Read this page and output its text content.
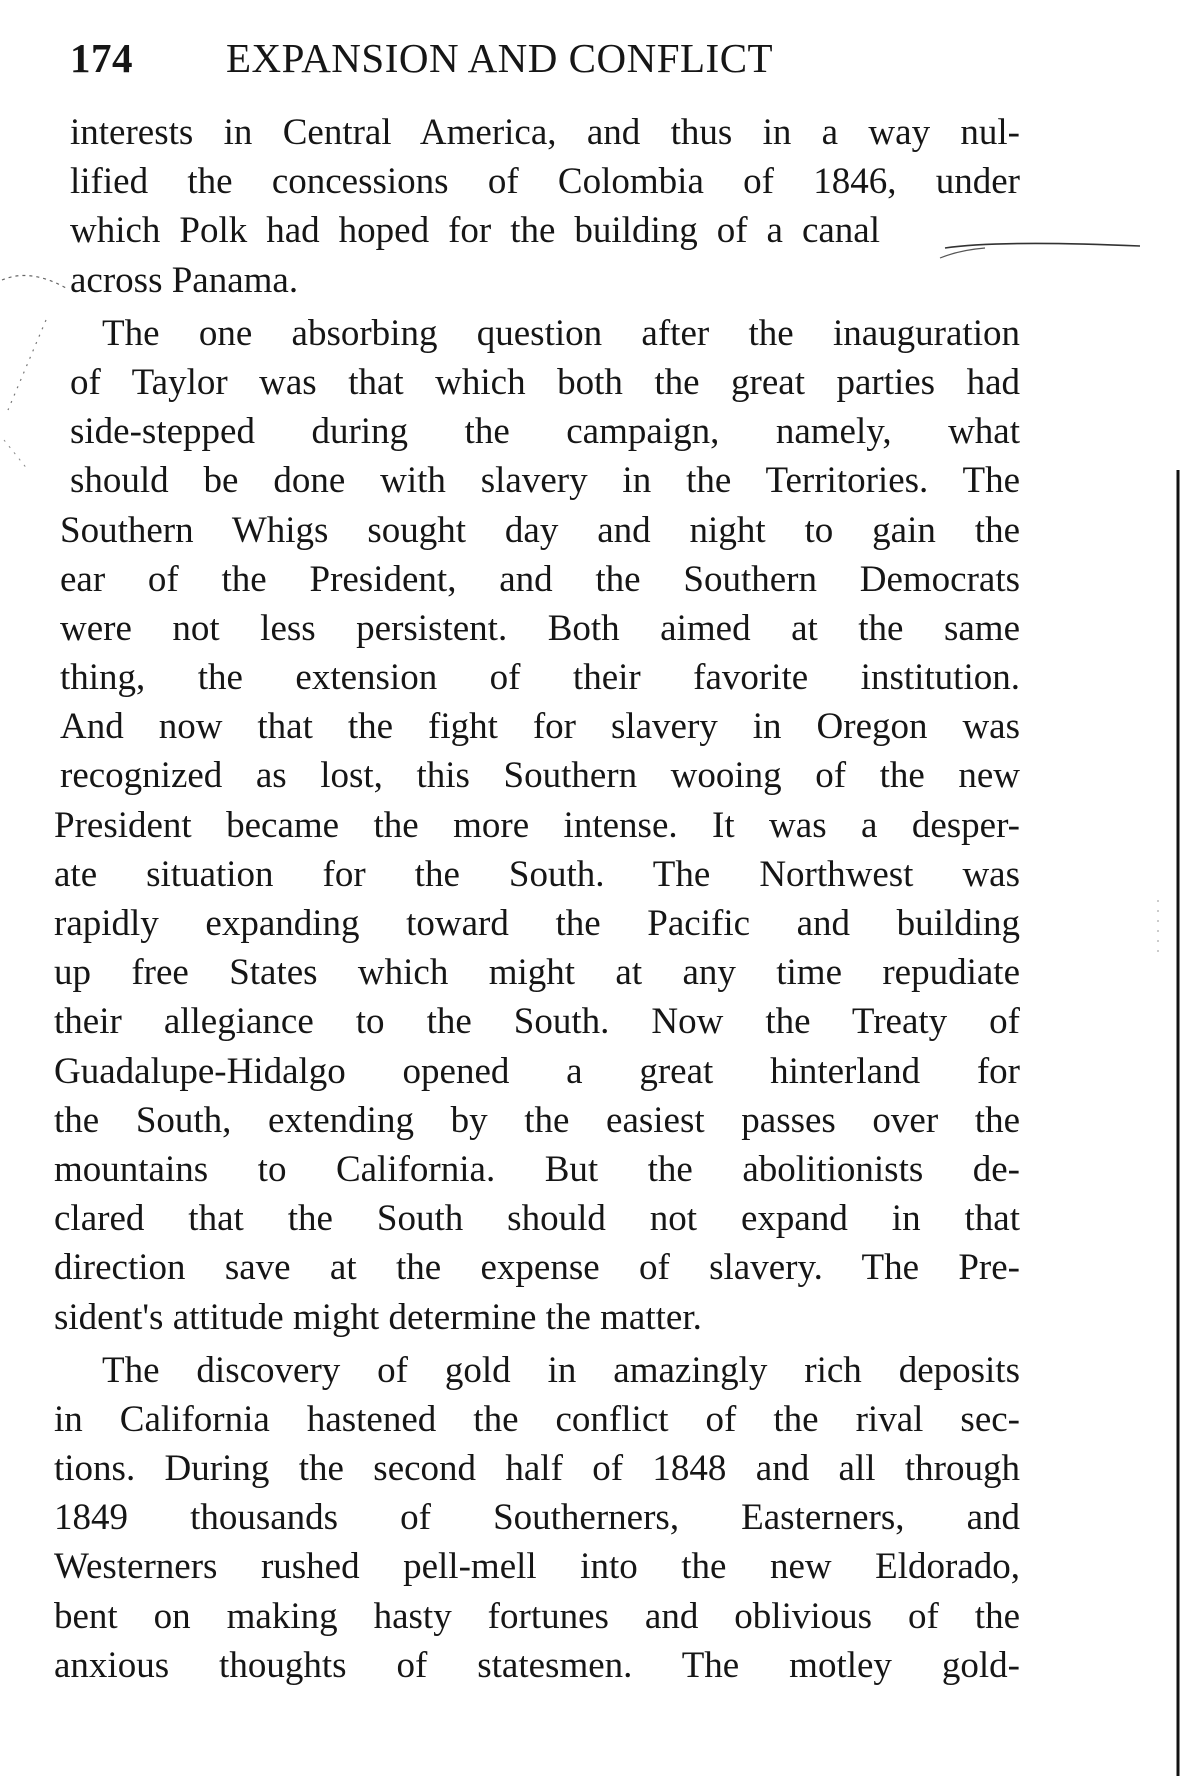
174 EXPANSION AND CONFLICT
interests in Central America, and thus in a way nul-
lified the concessions of Colombia of 1846, under
which Polk had hoped for the building of a canal
across Panama.
The one absorbing question after the inauguration
of Taylor was that which both the great parties had
side-stepped during the campaign, namely, what
should be done with slavery in the Territories. The
Southern Whigs sought day and night to gain the
ear of the President, and the Southern Democrats
were not less persistent. Both aimed at the same
thing, the extension of their favorite institution.
And now that the fight for slavery in Oregon was
recognized as lost, this Southern wooing of the new
President became the more intense. It was a desper-
ate situation for the South. The Northwest was
rapidly expanding toward the Pacific and building
up free States which might at any time repudiate
their allegiance to the South. Now the Treaty of
Guadalupe-Hidalgo opened a great hinterland for
the South, extending by the easiest passes over the
mountains to California. But the abolitionists de-
clared that the South should not expand in that
direction save at the expense of slavery. The Pre-
sident's attitude might determine the matter.
The discovery of gold in amazingly rich deposits
in California hastened the conflict of the rival sec-
tions. During the second half of 1848 and all through
1849 thousands of Southerners, Easterners, and
Westerners rushed pell-mell into the new Eldorado,
bent on making hasty fortunes and oblivious of the
anxious thoughts of statesmen. The motley gold-
